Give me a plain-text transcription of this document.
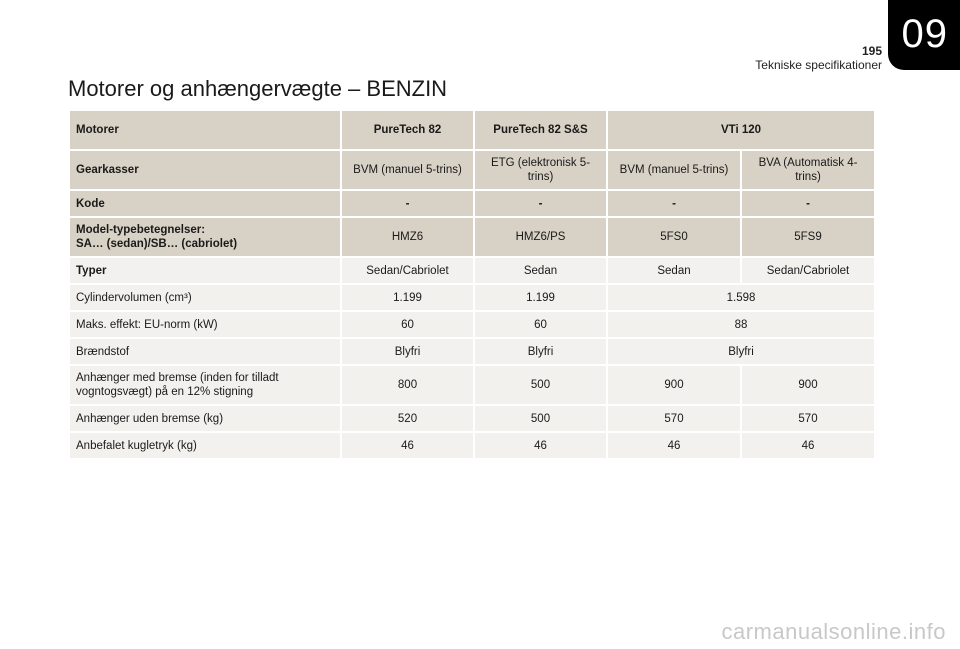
09
195
Tekniske specifikationer
Motorer og anhængervægte – BENZIN
Motorer	PureTech 82	PureTech 82 S&S	VTi 120	
Gearkasser	BVM (manuel 5-trins)	ETG (elektronisk 5-trins)	BVM (manuel 5-trins)	BVA (Automatisk 4-trins)
Kode	-	-	-	-
Model-typebetegnelser:
SA… (sedan)/SB… (cabriolet)	HMZ6	HMZ6/PS	5FS0	5FS9
Typer	Sedan/Cabriolet	Sedan	Sedan	Sedan/Cabriolet
Cylindervolumen (cm³)	1.199	1.199	1.598	
Maks. effekt: EU-norm (kW)	60	60	88	
Brændstof	Blyfri	Blyfri	Blyfri	
Anhænger med bremse (inden for tilladt
vogntogsvægt) på en 12% stigning	800	500	900	900
Anhænger uden bremse (kg)	520	500	570	570
Anbefalet kugletryk (kg)	46	46	46	46
carmanualsonline.info
